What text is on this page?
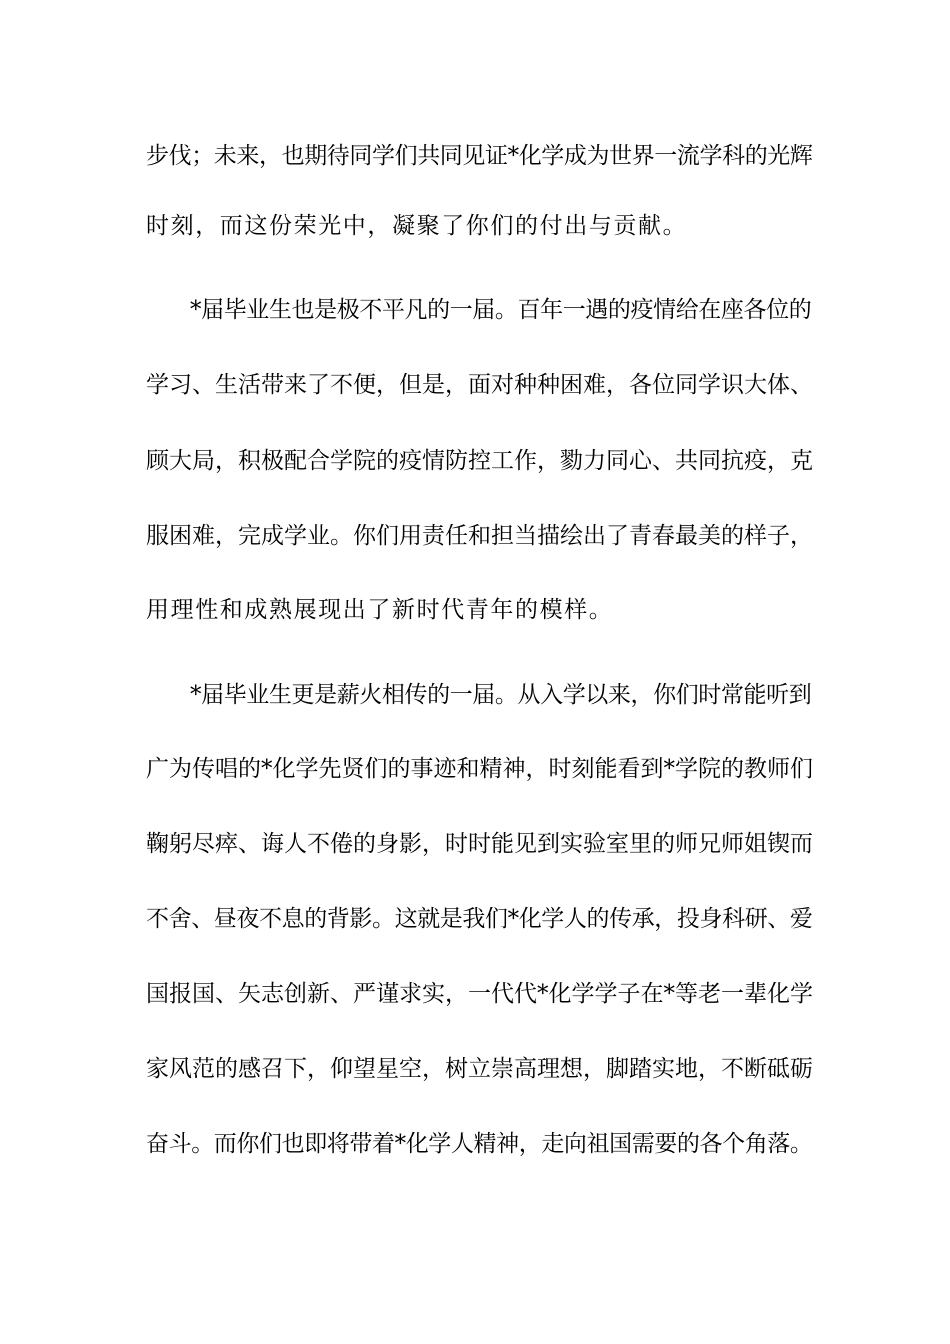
步伐；未来，也期待同学们共同见证*化学成为世界一流学科的光辉
时刻，而这份荣光中，凝聚了你们的付出与贡献。
*届毕业生也是极不平凡的一届。百年一遇的疫情给在座各位的
学习、生活带来了不便，但是，面对种种困难，各位同学识大体、
顾大局，积极配合学院的疫情防控工作，勠力同心、共同抗疫，克
服困难，完成学业。你们用责任和担当描绘出了青春最美的样子，
用理性和成熟展现出了新时代青年的模样。
*届毕业生更是薪火相传的一届。从入学以来，你们时常能听到
广为传唱的*化学先贤们的事迹和精神，时刻能看到*学院的教师们
鞠躬尽瘁、诲人不倦的身影，时时能见到实验室里的师兄师姐锲而
不舍、昼夜不息的背影。这就是我们*化学人的传承，投身科研、爱
国报国、矢志创新、严谨求实，一代代*化学学子在*等老一辈化学
家风范的感召下，仰望星空，树立崇高理想，脚踏实地，不断砥砺
奋斗。而你们也即将带着*化学人精神，走向祖国需要的各个角落。
